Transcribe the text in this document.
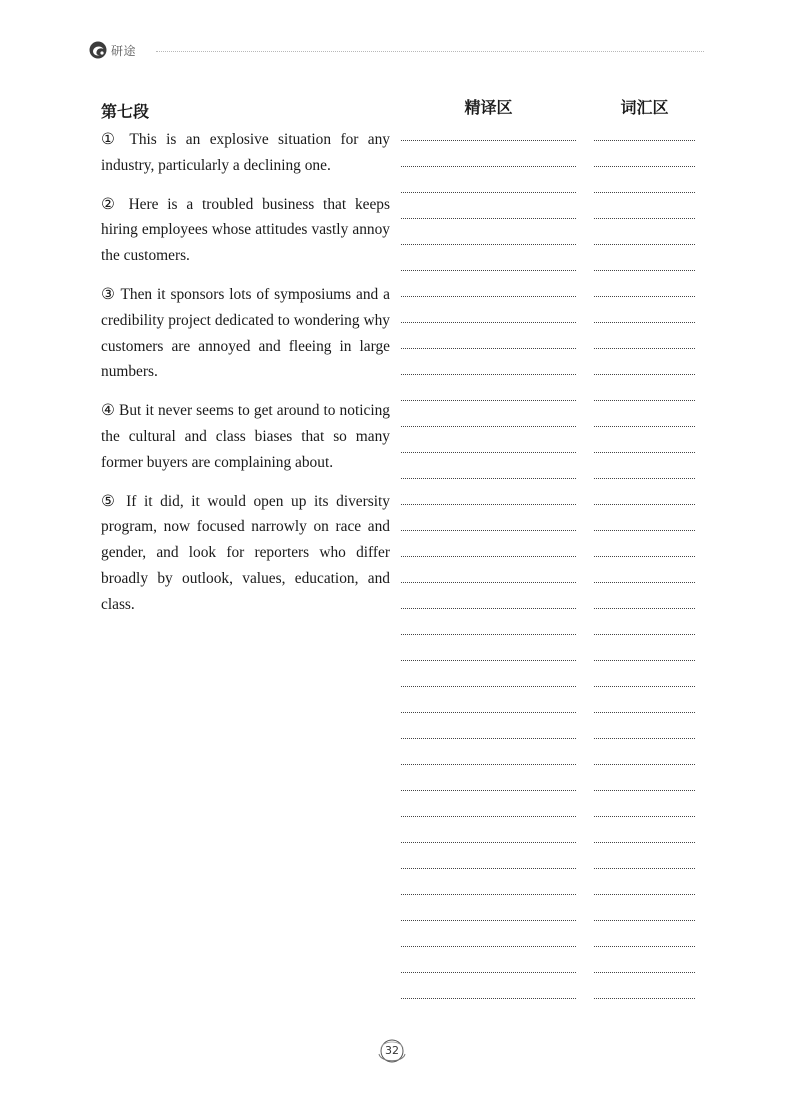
研途
第七段	精译区	词汇区

① This is an explosive situation for any industry, particularly a declining one.

② Here is a troubled business that keeps hiring employees whose attitudes vastly annoy the customers.

③ Then it sponsors lots of symposiums and a credibility project dedicated to wondering why customers are annoyed and fleeing in large numbers.

④ But it never seems to get around to noticing the cultural and class biases that so many former buyers are complaining about.

⑤ If it did, it would open up its diversity program, now focused narrowly on race and gender, and look for reporters who differ broadly by outlook, values, education, and class.

32
